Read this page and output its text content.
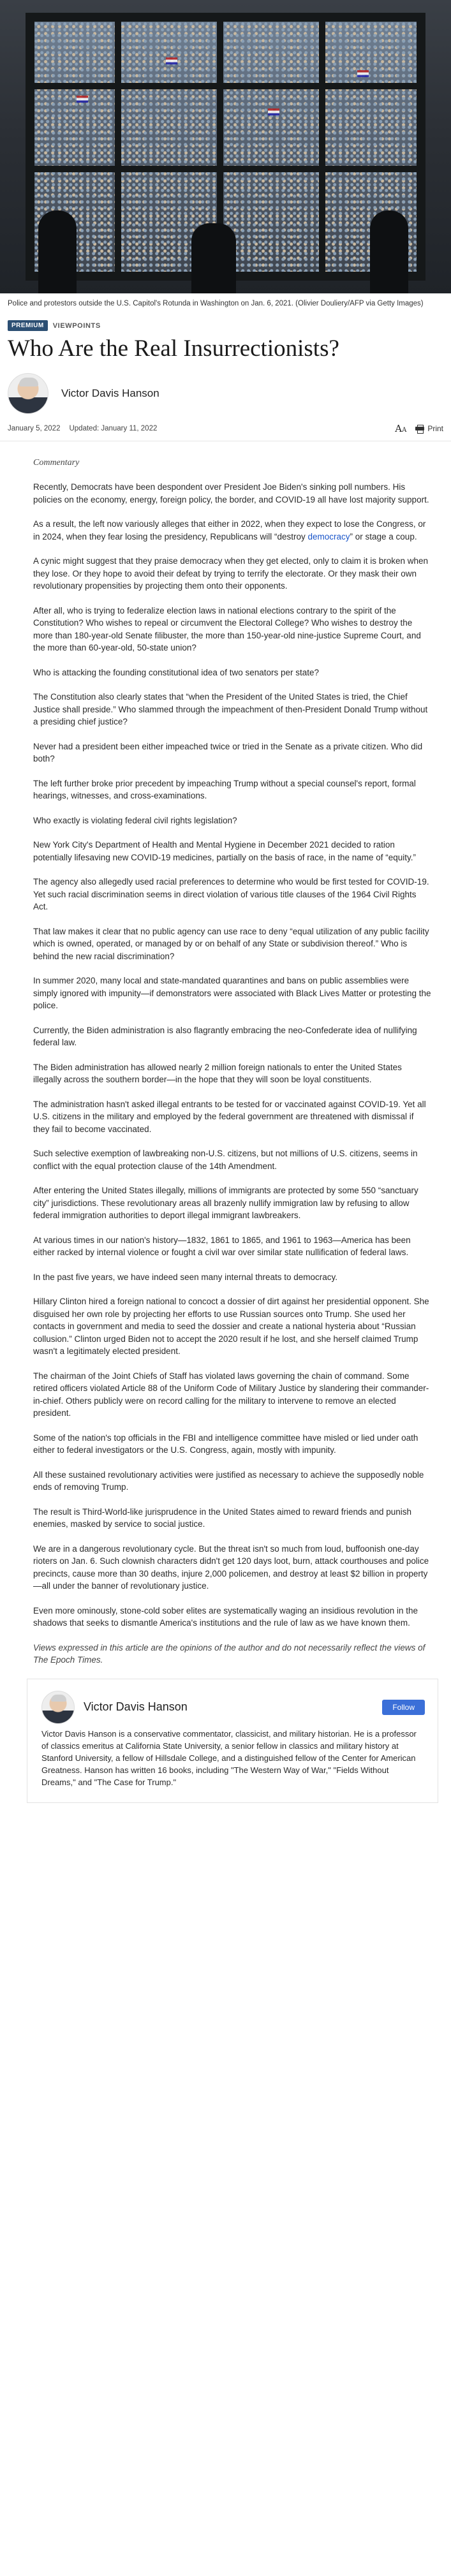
Police and protestors outside the U.S. Capitol's Rotunda in Washington on Jan. 6, 2021. (Olivier Douliery/AFP via Getty Images)
PREMIUM	VIEWPOINTS
Who Are the Real Insurrectionists?
Victor Davis Hanson
January 5, 2022 Updated: January 11, 2022	AA	Print
Commentary

Recently, Democrats have been despondent over President Joe Biden's sinking poll numbers. His policies on the economy, energy, foreign policy, the border, and COVID-19 all have lost majority support.

As a result, the left now variously alleges that either in 2022, when they expect to lose the Congress, or in 2024, when they fear losing the presidency, Republicans will “destroy democracy” or stage a coup.

A cynic might suggest that they praise democracy when they get elected, only to claim it is broken when they lose. Or they hope to avoid their defeat by trying to terrify the electorate. Or they mask their own revolutionary propensities by projecting them onto their opponents.

After all, who is trying to federalize election laws in national elections contrary to the spirit of the Constitution? Who wishes to repeal or circumvent the Electoral College? Who wishes to destroy the more than 180-year-old Senate filibuster, the more than 150-year-old nine-justice Supreme Court, and the more than 60-year-old, 50-state union?

Who is attacking the founding constitutional idea of two senators per state?

The Constitution also clearly states that “when the President of the United States is tried, the Chief Justice shall preside.” Who slammed through the impeachment of then-President Donald Trump without a presiding chief justice?

Never had a president been either impeached twice or tried in the Senate as a private citizen. Who did both?

The left further broke prior precedent by impeaching Trump without a special counsel's report, formal hearings, witnesses, and cross-examinations.

Who exactly is violating federal civil rights legislation?

New York City's Department of Health and Mental Hygiene in December 2021 decided to ration potentially lifesaving new COVID-19 medicines, partially on the basis of race, in the name of “equity.”

The agency also allegedly used racial preferences to determine who would be first tested for COVID-19. Yet such racial discrimination seems in direct violation of various title clauses of the 1964 Civil Rights Act.

That law makes it clear that no public agency can use race to deny “equal utilization of any public facility which is owned, operated, or managed by or on behalf of any State or subdivision thereof.” Who is behind the new racial discrimination?

In summer 2020, many local and state-mandated quarantines and bans on public assemblies were simply ignored with impunity—if demonstrators were associated with Black Lives Matter or protesting the police.

Currently, the Biden administration is also flagrantly embracing the neo-Confederate idea of nullifying federal law.

The Biden administration has allowed nearly 2 million foreign nationals to enter the United States illegally across the southern border—in the hope that they will soon be loyal constituents.

The administration hasn't asked illegal entrants to be tested for or vaccinated against COVID-19. Yet all U.S. citizens in the military and employed by the federal government are threatened with dismissal if they fail to become vaccinated.

Such selective exemption of lawbreaking non-U.S. citizens, but not millions of U.S. citizens, seems in conflict with the equal protection clause of the 14th Amendment.

After entering the United States illegally, millions of immigrants are protected by some 550 “sanctuary city” jurisdictions. These revolutionary areas all brazenly nullify immigration law by refusing to allow federal immigration authorities to deport illegal immigrant lawbreakers.

At various times in our nation's history—1832, 1861 to 1865, and 1961 to 1963—America has been either racked by internal violence or fought a civil war over similar state nullification of federal laws.

In the past five years, we have indeed seen many internal threats to democracy.

Hillary Clinton hired a foreign national to concoct a dossier of dirt against her presidential opponent. She disguised her own role by projecting her efforts to use Russian sources onto Trump. She used her contacts in government and media to seed the dossier and create a national hysteria about “Russian collusion.” Clinton urged Biden not to accept the 2020 result if he lost, and she herself claimed Trump wasn't a legitimately elected president.

The chairman of the Joint Chiefs of Staff has violated laws governing the chain of command. Some retired officers violated Article 88 of the Uniform Code of Military Justice by slandering their commander-in-chief. Others publicly were on record calling for the military to intervene to remove an elected president.

Some of the nation's top officials in the FBI and intelligence committee have misled or lied under oath either to federal investigators or the U.S. Congress, again, mostly with impunity.

All these sustained revolutionary activities were justified as necessary to achieve the supposedly noble ends of removing Trump.

The result is Third-World-like jurisprudence in the United States aimed to reward friends and punish enemies, masked by service to social justice.

We are in a dangerous revolutionary cycle. But the threat isn't so much from loud, buffoonish one-day rioters on Jan. 6. Such clownish characters didn't get 120 days loot, burn, attack courthouses and police precincts, cause more than 30 deaths, injure 2,000 policemen, and destroy at least $2 billion in property—all under the banner of revolutionary justice.

Even more ominously, stone-cold sober elites are systematically waging an insidious revolution in the shadows that seeks to dismantle America's institutions and the rule of law as we have known them.

Views expressed in this article are the opinions of the author and do not necessarily reflect the views of The Epoch Times.

Victor Davis Hanson	Follow
Victor Davis Hanson is a conservative commentator, classicist, and military historian. He is a professor of classics emeritus at California State University, a senior fellow in classics and military history at Stanford University, a fellow of Hillsdale College, and a distinguished fellow of the Center for American Greatness. Hanson has written 16 books, including "The Western Way of War," "Fields Without Dreams," and "The Case for Trump."
